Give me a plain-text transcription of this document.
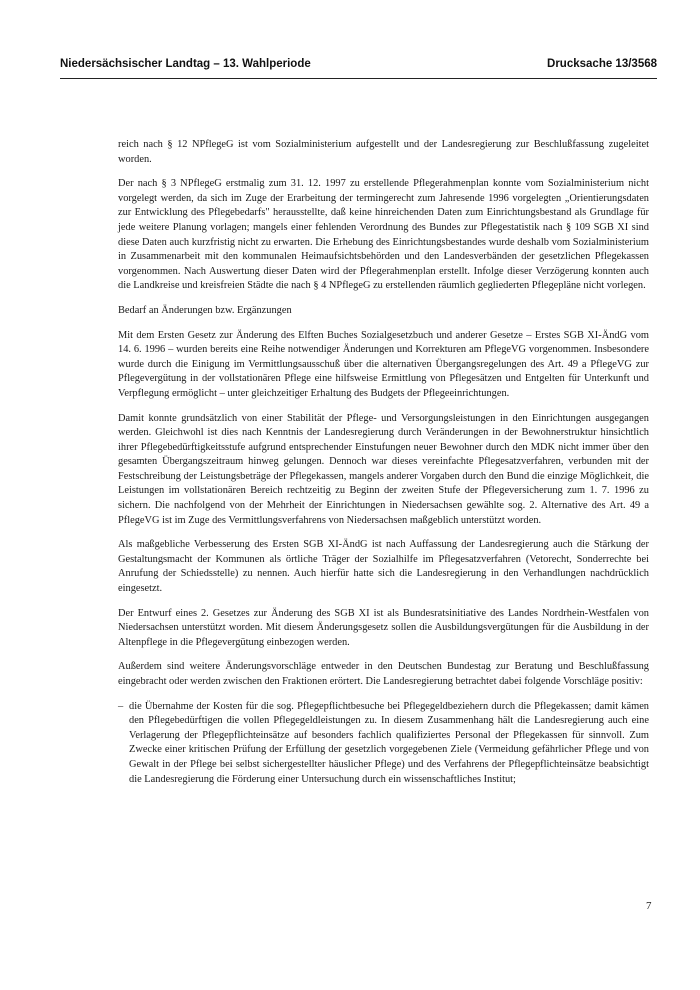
Niedersächsischer Landtag – 13. Wahlperiode	Drucksache 13/3568

reich nach § 12 NPflegeG ist vom Sozialministerium aufgestellt und der Landesregierung zur Beschlußfassung zugeleitet worden.

Der nach § 3 NPflegeG erstmalig zum 31. 12. 1997 zu erstellende Pflegerahmenplan konnte vom Sozialministerium nicht vorgelegt werden, da sich im Zuge der Erarbeitung der termingerecht zum Jahresende 1996 vorgelegten „Orientierungsdaten zur Entwicklung des Pflegebedarfs" herausstellte, daß keine hinreichenden Daten zum Einrichtungsbestand als Grundlage für jede weitere Planung vorlagen; mangels einer fehlenden Verordnung des Bundes zur Pflegestatistik nach § 109 SGB XI sind diese Daten auch kurzfristig nicht zu erwarten. Die Erhebung des Einrichtungsbestandes wurde deshalb vom Sozialministerium in Zusammenarbeit mit den kommunalen Heimaufsichtsbehörden und den Landesverbänden der gesetzlichen Pflegekassen vorgenommen. Nach Auswertung dieser Daten wird der Pflegerahmenplan erstellt. Infolge dieser Verzögerung konnten auch die Landkreise und kreisfreien Städte die nach § 4 NPflegeG zu erstellenden räumlich gegliederten Pflegepläne nicht vorlegen.

Bedarf an Änderungen bzw. Ergänzungen

Mit dem Ersten Gesetz zur Änderung des Elften Buches Sozialgesetzbuch und anderer Gesetze – Erstes SGB XI-ÄndG vom 14. 6. 1996 – wurden bereits eine Reihe notwendiger Änderungen und Korrekturen am PflegeVG vorgenommen. Insbesondere wurde durch die Einigung im Vermittlungsausschuß über die alternativen Übergangsregelungen des Art. 49 a PflegeVG zur Pflegevergütung in der vollstationären Pflege eine hilfsweise Ermittlung von Pflegesätzen und Entgelten für Unterkunft und Verpflegung ermöglicht – unter gleichzeitiger Erhaltung des Budgets der Pflegeeinrichtungen.

Damit konnte grundsätzlich von einer Stabilität der Pflege- und Versorgungsleistungen in den Einrichtungen ausgegangen werden. Gleichwohl ist dies nach Kenntnis der Landesregierung durch Veränderungen in der Bewohnerstruktur hinsichtlich ihrer Pflegebedürftigkeitsstufe aufgrund entsprechender Einstufungen neuer Bewohner durch den MDK nicht immer über den gesamten Übergangszeitraum hinweg gelungen. Dennoch war dieses vereinfachte Pflegesatzverfahren, verbunden mit der Festschreibung der Leistungsbeträge der Pflegekassen, mangels anderer Vorgaben durch den Bund die einzige Möglichkeit, die Leistungen im vollstationären Bereich rechtzeitig zu Beginn der zweiten Stufe der Pflegeversicherung zum 1. 7. 1996 zu sichern. Die nachfolgend von der Mehrheit der Einrichtungen in Niedersachsen gewählte sog. 2. Alternative des Art. 49 a PflegeVG ist im Zuge des Vermittlungsverfahrens von Niedersachsen maßgeblich unterstützt worden.

Als maßgebliche Verbesserung des Ersten SGB XI-ÄndG ist nach Auffassung der Landesregierung auch die Stärkung der Gestaltungsmacht der Kommunen als örtliche Träger der Sozialhilfe im Pflegesatzverfahren (Vetorecht, Sonderrechte bei Anrufung der Schiedsstelle) zu nennen. Auch hierfür hatte sich die Landesregierung in den Verhandlungen nachdrücklich eingesetzt.

Der Entwurf eines 2. Gesetzes zur Änderung des SGB XI ist als Bundesratsinitiative des Landes Nordrhein-Westfalen von Niedersachsen unterstützt worden. Mit diesem Änderungsgesetz sollen die Ausbildungsvergütungen für die Ausbildung in der Altenpflege in die Pflegevergütung einbezogen werden.

Außerdem sind weitere Änderungsvorschläge entweder in den Deutschen Bundestag zur Beratung und Beschlußfassung eingebracht oder werden zwischen den Fraktionen erörtert. Die Landesregierung betrachtet dabei folgende Vorschläge positiv:

– die Übernahme der Kosten für die sog. Pflegepflichtbesuche bei Pflegegeldbeziehern durch die Pflegekassen; damit kämen den Pflegebedürftigen die vollen Pflegegeldleistungen zu. In diesem Zusammenhang hält die Landesregierung auch eine Verlagerung der Pflegepflichteinsätze auf besonders fachlich qualifiziertes Personal der Pflegekassen für sinnvoll. Zum Zwecke einer kritischen Prüfung der Erfüllung der gesetzlich vorgegebenen Ziele (Vermeidung gefährlicher Pflege und von Gewalt in der Pflege bei selbst sichergestellter häuslicher Pflege) und des Verfahrens der Pflegepflichteinsätze beabsichtigt die Landesregierung die Förderung einer Untersuchung durch ein wissenschaftliches Institut;
7
